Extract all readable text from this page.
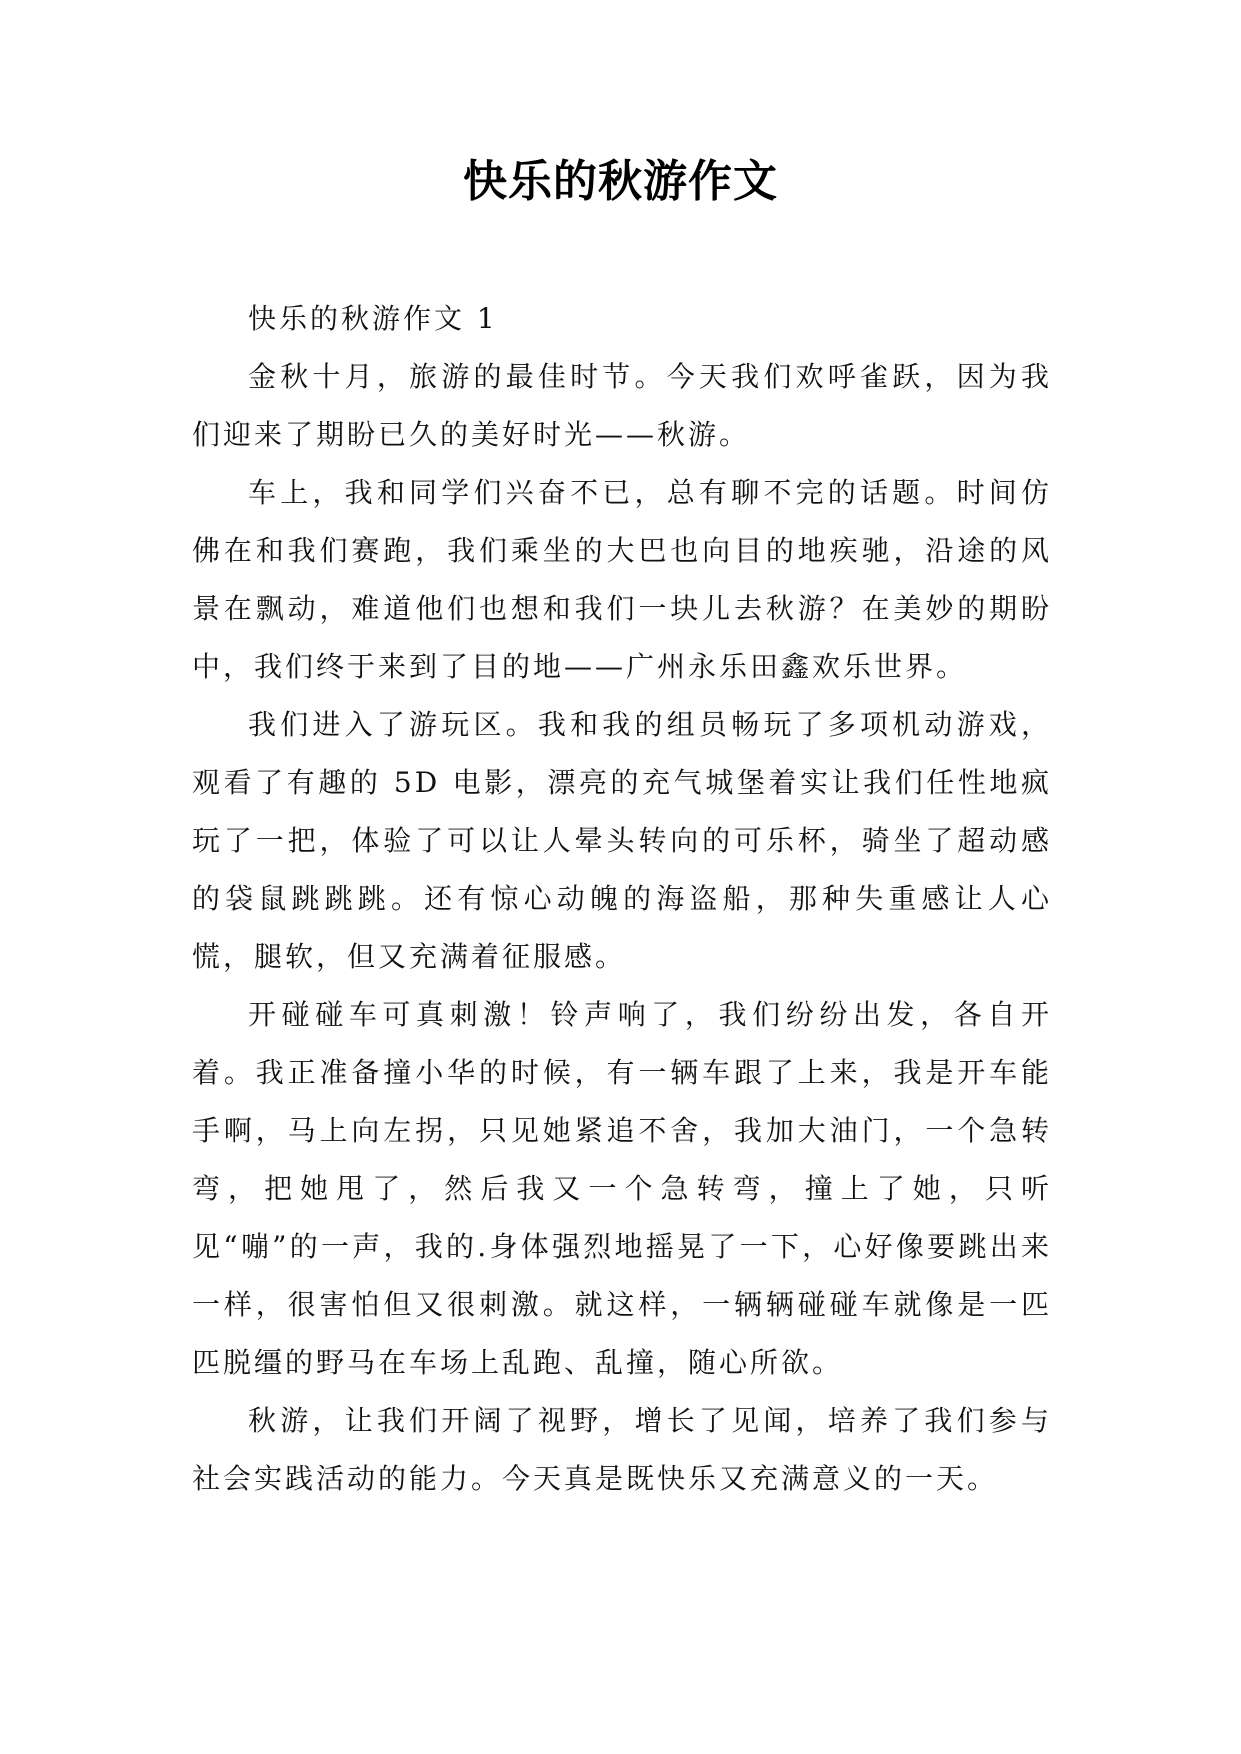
快乐的秋游作文

快乐的秋游作文 1

金秋十月，旅游的最佳时节。今天我们欢呼雀跃，因为我们迎来了期盼已久的美好时光——秋游。

车上，我和同学们兴奋不已，总有聊不完的话题。时间仿佛在和我们赛跑，我们乘坐的大巴也向目的地疾驰，沿途的风景在飘动，难道他们也想和我们一块儿去秋游？在美妙的期盼中，我们终于来到了目的地——广州永乐田鑫欢乐世界。

我们进入了游玩区。我和我的组员畅玩了多项机动游戏，观看了有趣的 5D 电影，漂亮的充气城堡着实让我们任性地疯玩了一把，体验了可以让人晕头转向的可乐杯，骑坐了超动感的袋鼠跳跳跳。还有惊心动魄的海盗船，那种失重感让人心慌，腿软，但又充满着征服感。

开碰碰车可真刺激！铃声响了，我们纷纷出发，各自开着。我正准备撞小华的时候，有一辆车跟了上来，我是开车能手啊，马上向左拐，只见她紧追不舍，我加大油门，一个急转弯，把她甩了，然后我又一个急转弯，撞上了她，只听见“嘣”的一声，我的.身体强烈地摇晃了一下，心好像要跳出来一样，很害怕但又很刺激。就这样，一辆辆碰碰车就像是一匹匹脱缰的野马在车场上乱跑、乱撞，随心所欲。

秋游，让我们开阔了视野，增长了见闻，培养了我们参与社会实践活动的能力。今天真是既快乐又充满意义的一天。
